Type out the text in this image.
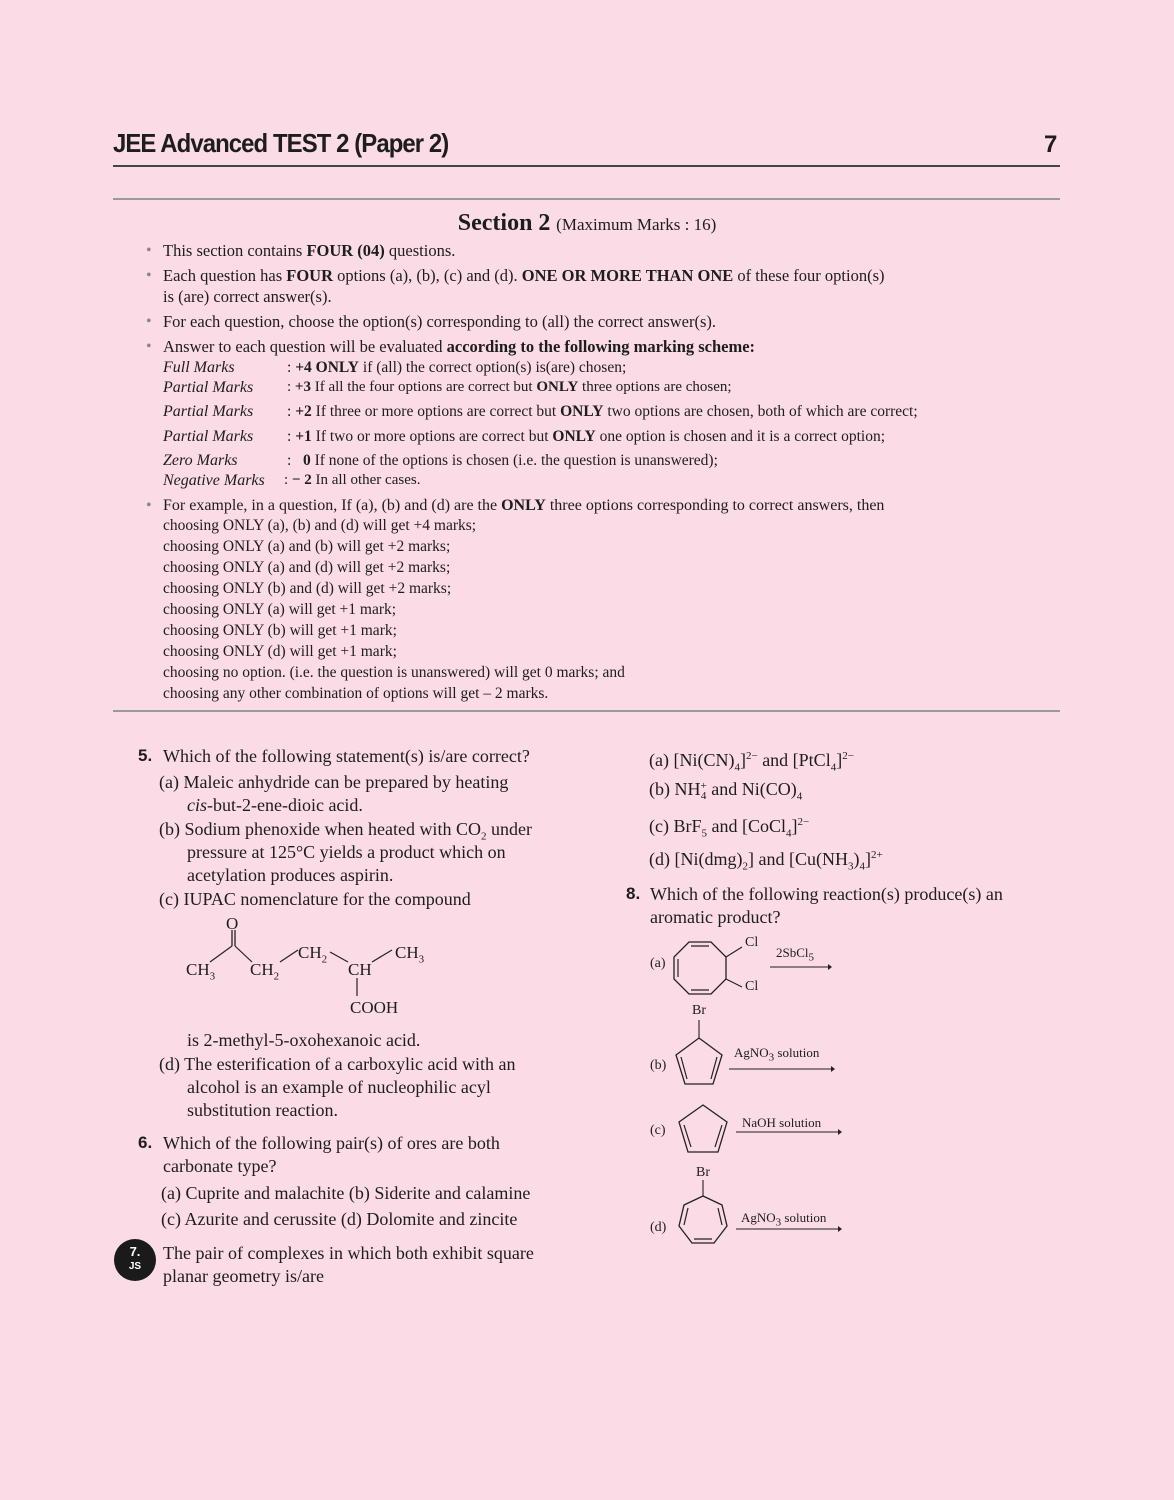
JEE Advanced TEST 2 (Paper 2)	7
Section 2 (Maximum Marks : 16)
• This section contains FOUR (04) questions.
• Each question has FOUR options (a), (b), (c) and (d). ONE OR MORE THAN ONE of these four option(s)
is (are) correct answer(s).
• For each question, choose the option(s) corresponding to (all) the correct answer(s).
• Answer to each question will be evaluated according to the following marking scheme:
Full Marks	: +4 ONLY if (all) the correct option(s) is(are) chosen;
Partial Marks : +3 If all the four options are correct but ONLY three options are chosen;
Partial Marks : +2 If three or more options are correct but ONLY two options are chosen, both of which are correct;
Partial Marks : +1 If two or more options are correct but ONLY one option is chosen and it is a correct option;
Zero Marks	: 0 If none of the options is chosen (i.e. the question is unanswered);
Negative Marks : − 2 In all other cases.
• For example, in a question, If (a), (b) and (d) are the ONLY three options corresponding to correct answers, then
choosing ONLY (a), (b) and (d) will get +4 marks;
choosing ONLY (a) and (b) will get +2 marks;
choosing ONLY (a) and (d) will get +2 marks;
choosing ONLY (b) and (d) will get +2 marks;
choosing ONLY (a) will get +1 mark;
choosing ONLY (b) will get +1 mark;
choosing ONLY (d) will get +1 mark;
choosing no option. (i.e. the question is unanswered) will get 0 marks; and
choosing any other combination of options will get – 2 marks.
5. Which of the following statement(s) is/are correct?
(a) Maleic anhydride can be prepared by heating
cis-but-2-ene-dioic acid.
(b) Sodium phenoxide when heated with $CO_2$ under
pressure at 125°C yields a product which on
acetylation produces aspirin.
(c) IUPAC nomenclature for the compound
O
$CH_3$ $CH_2$
$CH_2$
CH
$CH_3$
COOH
is 2-methyl-5-oxohexanoic acid.
(d) The esterification of a carboxylic acid with an
alcohol is an example of nucleophilic acyl
substitution reaction.
6. Which of the following pair(s) of ores are both
carbonate type?
(a) Cuprite and malachite (b) Siderite and calamine
(c) Azurite and cerussite (d) Dolomite and zincite
7.
JS
The pair of complexes in which both exhibit square
planar geometry is/are
(a) $[Ni(CN)_4]^{2-}$ and [PtCl$_4$]$^{2-}$
(b) NH +
4 and $Ni(CO)_4$
(c) BrF$_5$ and [CoCl$_4$]$^{2-}$
(d) $[Ni(dmg)_2]$ and $[Cu(NH_3)_4]^{2+}$
8. Which of the following reaction(s) produce(s) an
aromatic product?
(a)
Cl
Cl
2SbCl$_5$
Br
(b)
AgNO$_3$ solution
(c)
NaOH solution
Br
(d)
AgNO$_3$ solution
